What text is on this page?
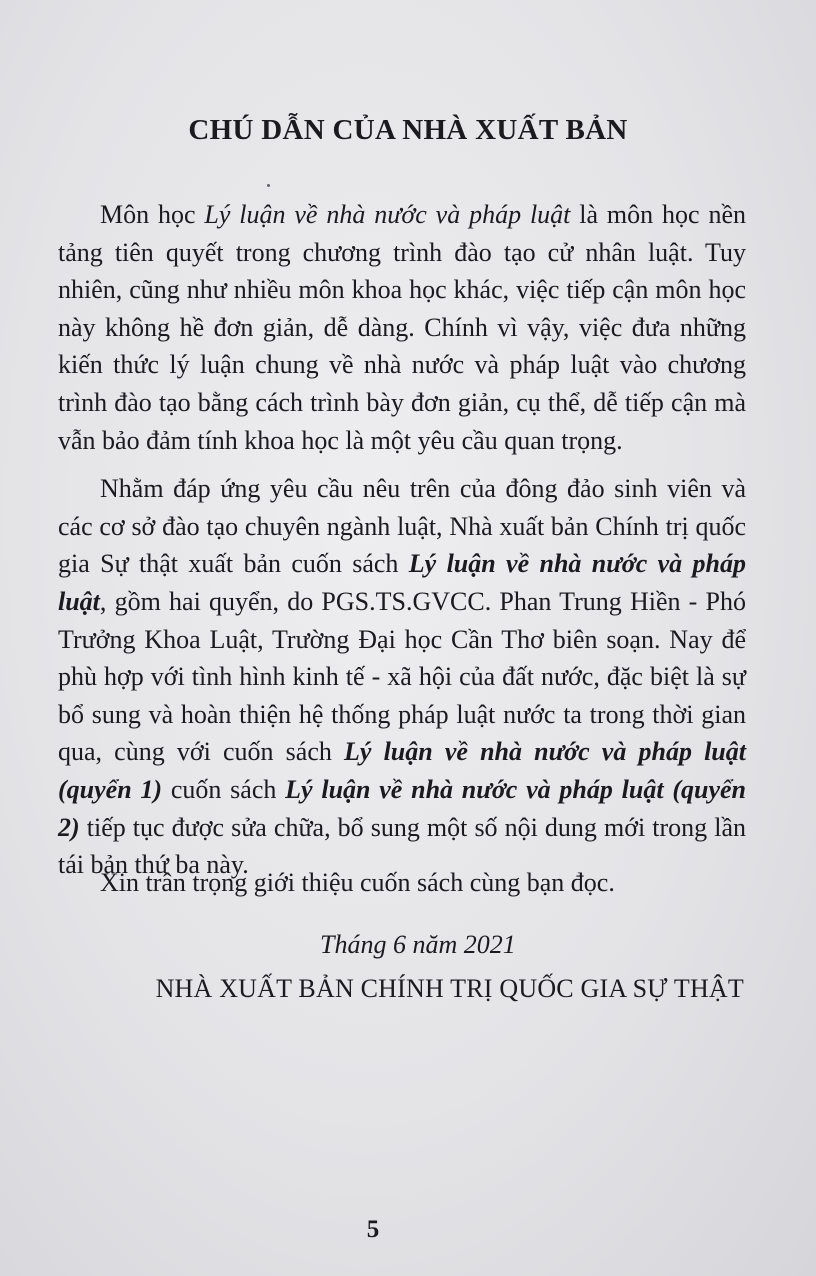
CHÚ DẪN CỦA NHÀ XUẤT BẢN

Môn học Lý luận về nhà nước và pháp luật là môn học nền tảng tiên quyết trong chương trình đào tạo cử nhân luật. Tuy nhiên, cũng như nhiều môn khoa học khác, việc tiếp cận môn học này không hề đơn giản, dễ dàng. Chính vì vậy, việc đưa những kiến thức lý luận chung về nhà nước và pháp luật vào chương trình đào tạo bằng cách trình bày đơn giản, cụ thể, dễ tiếp cận mà vẫn bảo đảm tính khoa học là một yêu cầu quan trọng.

Nhằm đáp ứng yêu cầu nêu trên của đông đảo sinh viên và các cơ sở đào tạo chuyên ngành luật, Nhà xuất bản Chính trị quốc gia Sự thật xuất bản cuốn sách Lý luận về nhà nước và pháp luật, gồm hai quyển, do PGS.TS.GVCC. Phan Trung Hiền - Phó Trưởng Khoa Luật, Trường Đại học Cần Thơ biên soạn. Nay để phù hợp với tình hình kinh tế - xã hội của đất nước, đặc biệt là sự bổ sung và hoàn thiện hệ thống pháp luật nước ta trong thời gian qua, cùng với cuốn sách Lý luận về nhà nước và pháp luật (quyển 1) cuốn sách Lý luận về nhà nước và pháp luật (quyển 2) tiếp tục được sửa chữa, bổ sung một số nội dung mới trong lần tái bản thứ ba này.

Xin trân trọng giới thiệu cuốn sách cùng bạn đọc.

Tháng 6 năm 2021

NHÀ XUẤT BẢN CHÍNH TRỊ QUỐC GIA SỰ THẬT

5
